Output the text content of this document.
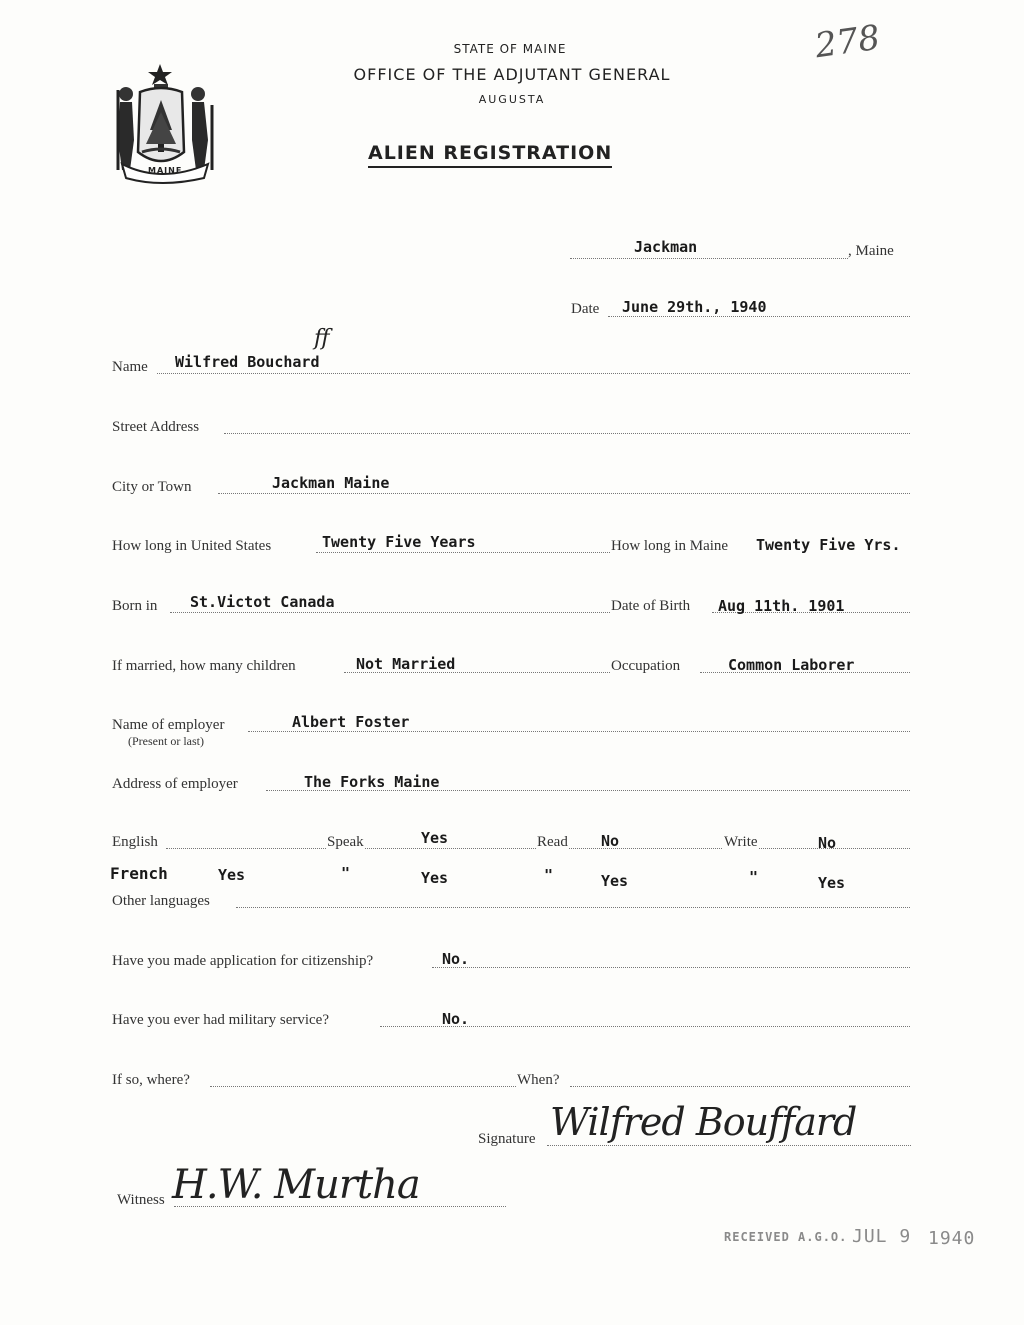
278
MAINE
STATE OF MAINE
OFFICE OF THE ADJUTANT GENERAL
AUGUSTA
ALIEN REGISTRATION
Jackman	, Maine
Date June 29th., 1940
Name Wilfred Bouchard
ff
Street Address
City or Town	Jackman Maine
How long in United States	Twenty Five Years	How long in Maine Twenty Five Yrs.
Born in St.Victot Canada	Date of Birth Aug 11th. 1901
If married, how many children	Not Married	Occupation	Common Laborer
Name of employer
(Present or last)
Albert Foster
Address of employer	The Forks Maine
English	Speak	Yes	Read No	Write	No
French	Yes	"	Yes	"	Yes	"	Yes
Other languages
Have you made application for citizenship?	No.
Have you ever had military service?	No.
If so, where?	When?
Signature Wilfred Bouffard
Witness H.W. Murtha
RECEIVED A.G.O. JUL 9 1940
